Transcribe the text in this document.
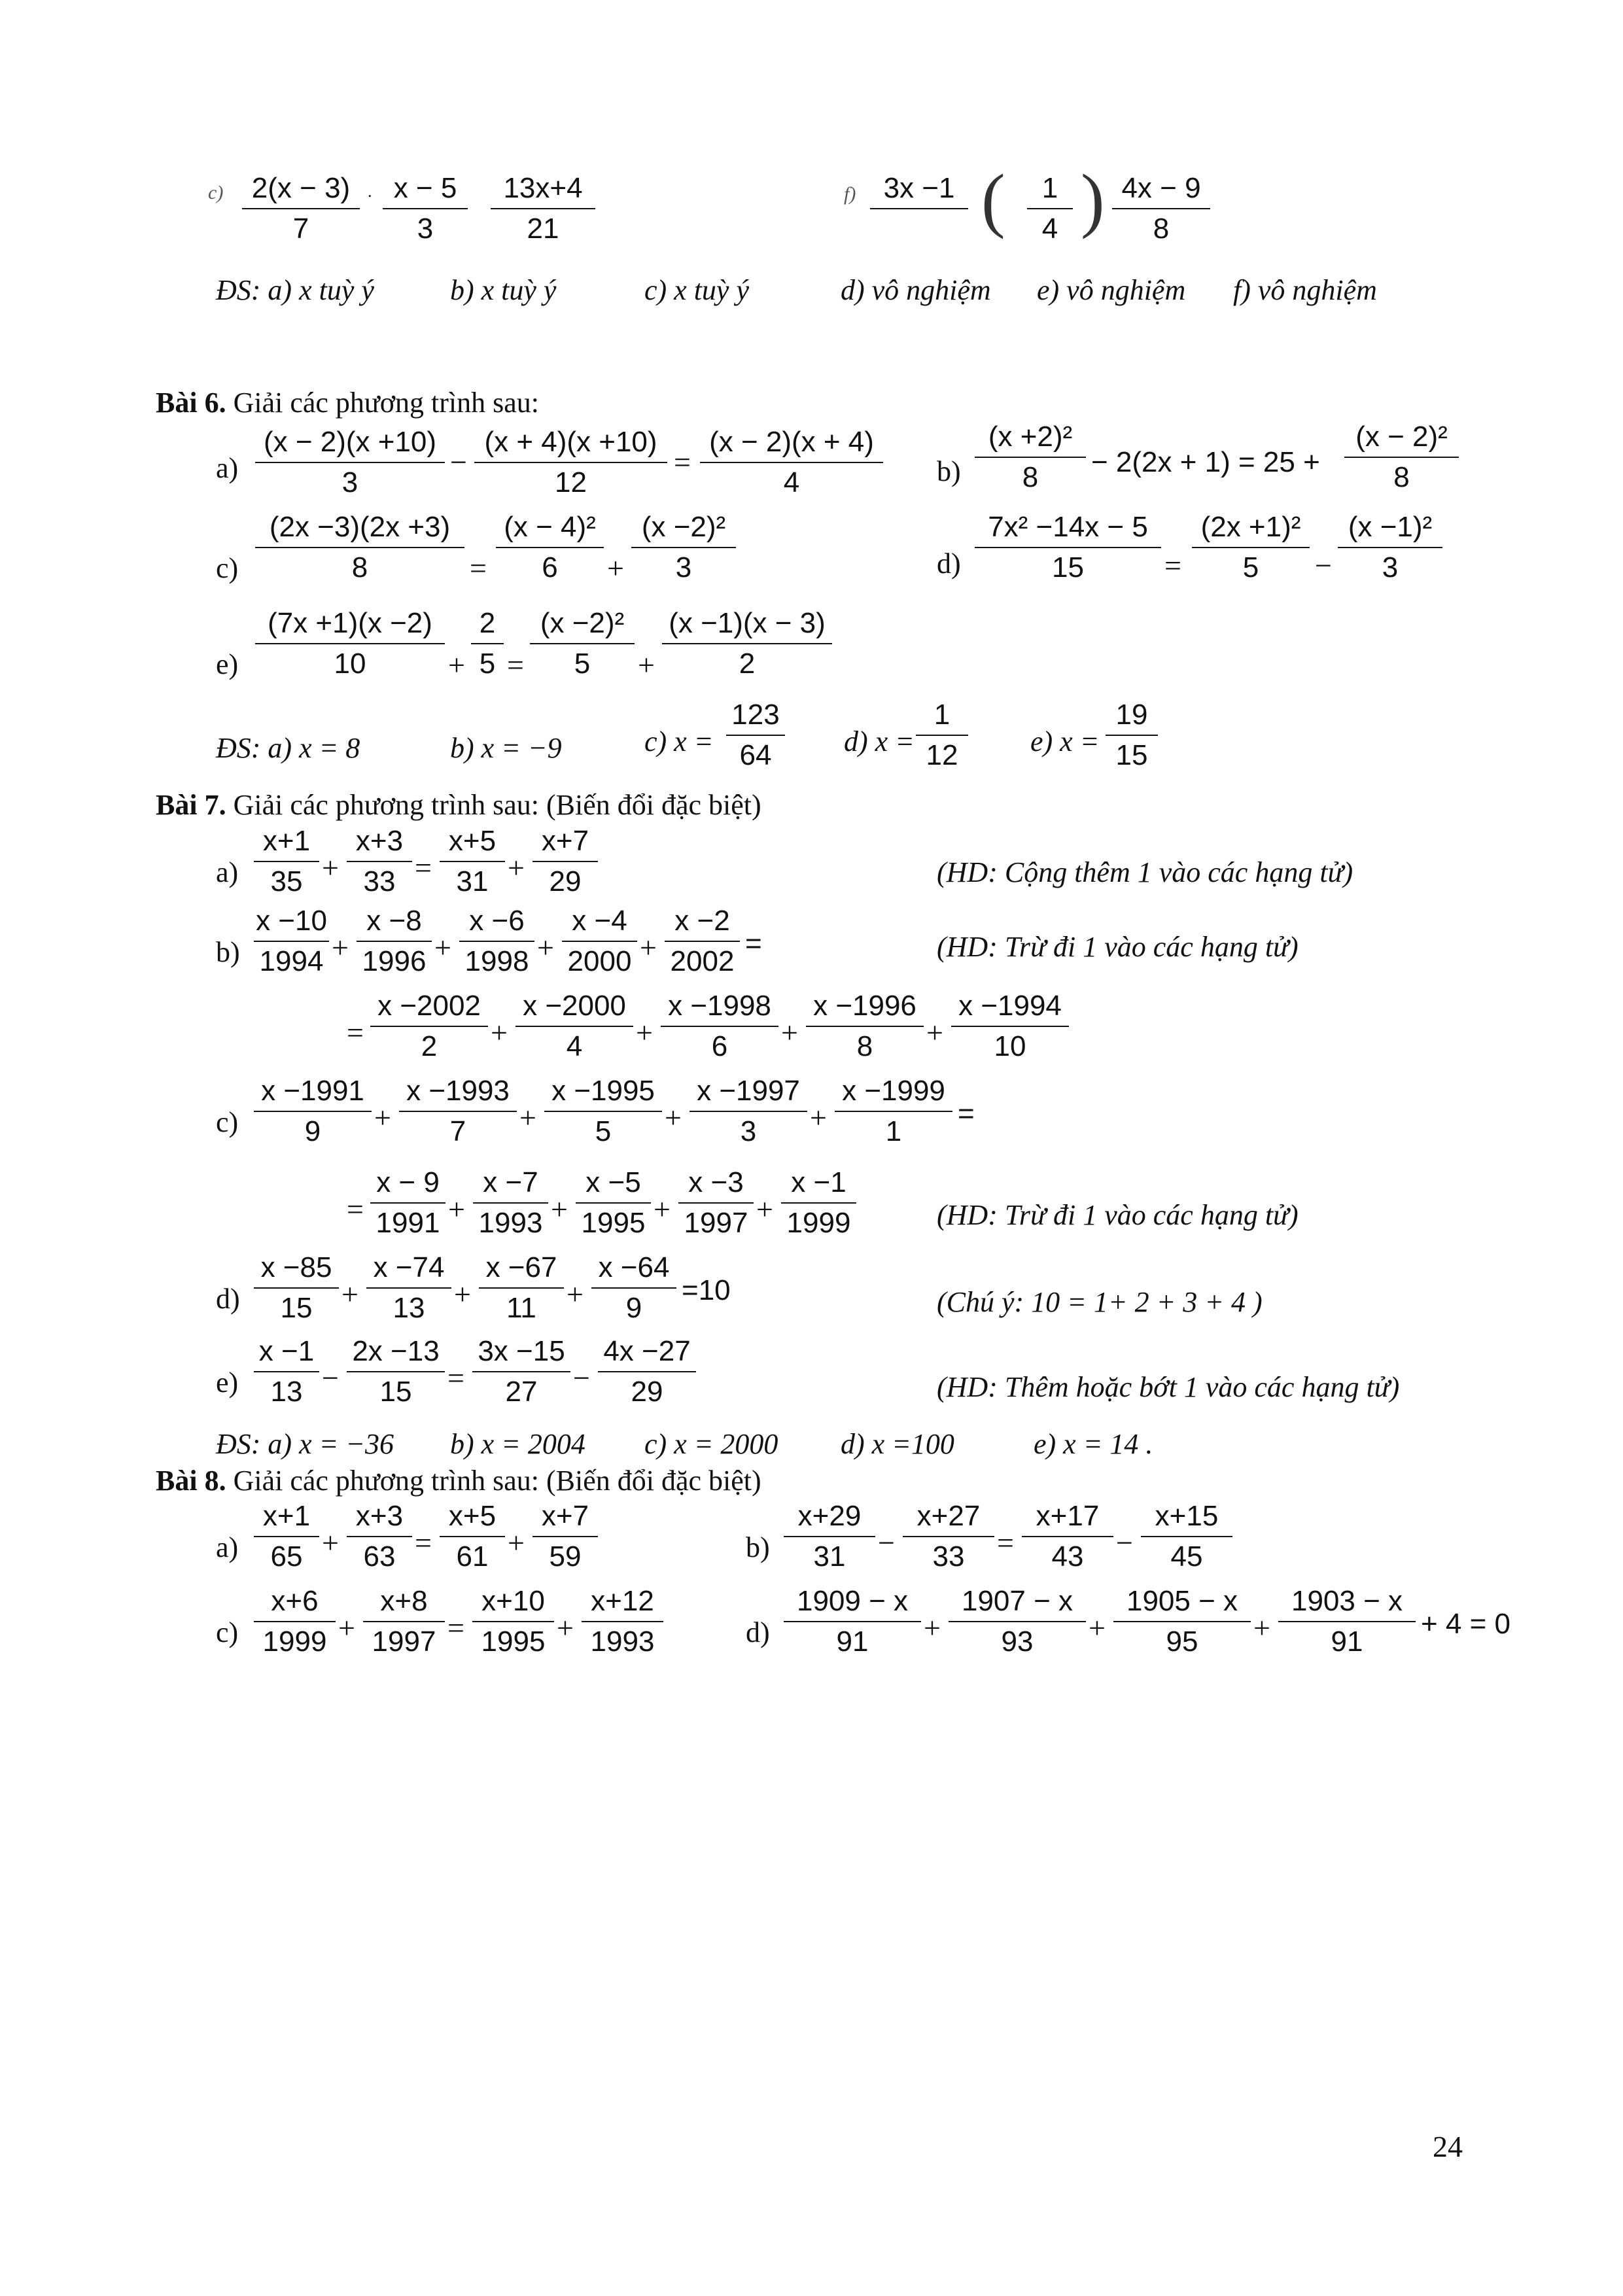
c) 2(x − 3)
7
. x − 5
3
13x+4
21
f) 3x −1 (	1
4 ) 4x − 9
8
ĐS: a) x tuỳ ý	b) x tuỳ ý	c) x tuỳ ý	d) vô nghiệm e) vô nghiệm f) vô nghiệm
Bài 6. Giải các phương trình sau:
a)
(x − 2)(x +10)
3
−
(x + 4)(x +10)
12
=
(x − 2)(x + 4)
4	b)
(x +2)²
8	− 2(2x + 1) = 25 +
(x − 2)²
8
c)
(2x −3)(2x +3)
8	=
(x − 4)²
6	+
(x −2)²
3	d)
7x² −14x − 5
15	=
(2x +1)²
5	−
(x −1)²
3
e)
(7x +1)(x −2)
10	+
2
5 =
(x −2)²
5	+
(x −1)(x − 3)
2
ĐS: a) x = 8	b) x = −9	c) x =
123
64	d) x =
1
12	e) x =
19
15
Bài 7. Giải các phương trình sau: (Biến đổi đặc biệt)
a)
x+1
35 +
x+3
33 =
x+5
31 +
x+7
29
b)
x −10
1994 +
x −8
1996 +
x −6
1998 +
x −4
2000 +
x −2
2002
=
=
x −2002
2	+
x −2000
4	+
x −1998
6	+
x −1996
8	+
x −1994
10
c)
x −1991
9	+
x −1993
7	+
x −1995
5	+
x −1997
3	+
x −1999
1
=
=
x − 9
1991 +
x −7
1993 +
x −5
1995 +
x −3
1997 +
x −1
1999
d)
x −85
15 +
x −74
13 +
x −67
11	+
x −64
9
=10
e)
x −1
13 −
2x −13
15	=
3x −15
27	−
4x −27
29
(HD: Cộng thêm 1 vào các hạng tử)
(HD: Trừ đi 1 vào các hạng tử)
(HD: Trừ đi 1 vào các hạng tử)
(Chú ý: 10 = 1+ 2 + 3 + 4 )
(HD: Thêm hoặc bớt 1 vào các hạng tử)
ĐS: a) x = −36 b) x = 2004 c) x = 2000 d) x =100	e) x = 14 .
Bài 8. Giải các phương trình sau: (Biến đổi đặc biệt)
a)
x+1
65 +
x+3
63 =
x+5
61 +
x+7
59	b)
x+29
31	−
x+27
33	=
x+17
43	−
x+15
45
c)
x+6
1999 +
x+8
1997 =
x+10
1995 +
x+12
1993	d)
1909 − x
91	+
1907 − x
93	+
1905 − x
95	+
1903 − x
91
+ 4 = 0
24
